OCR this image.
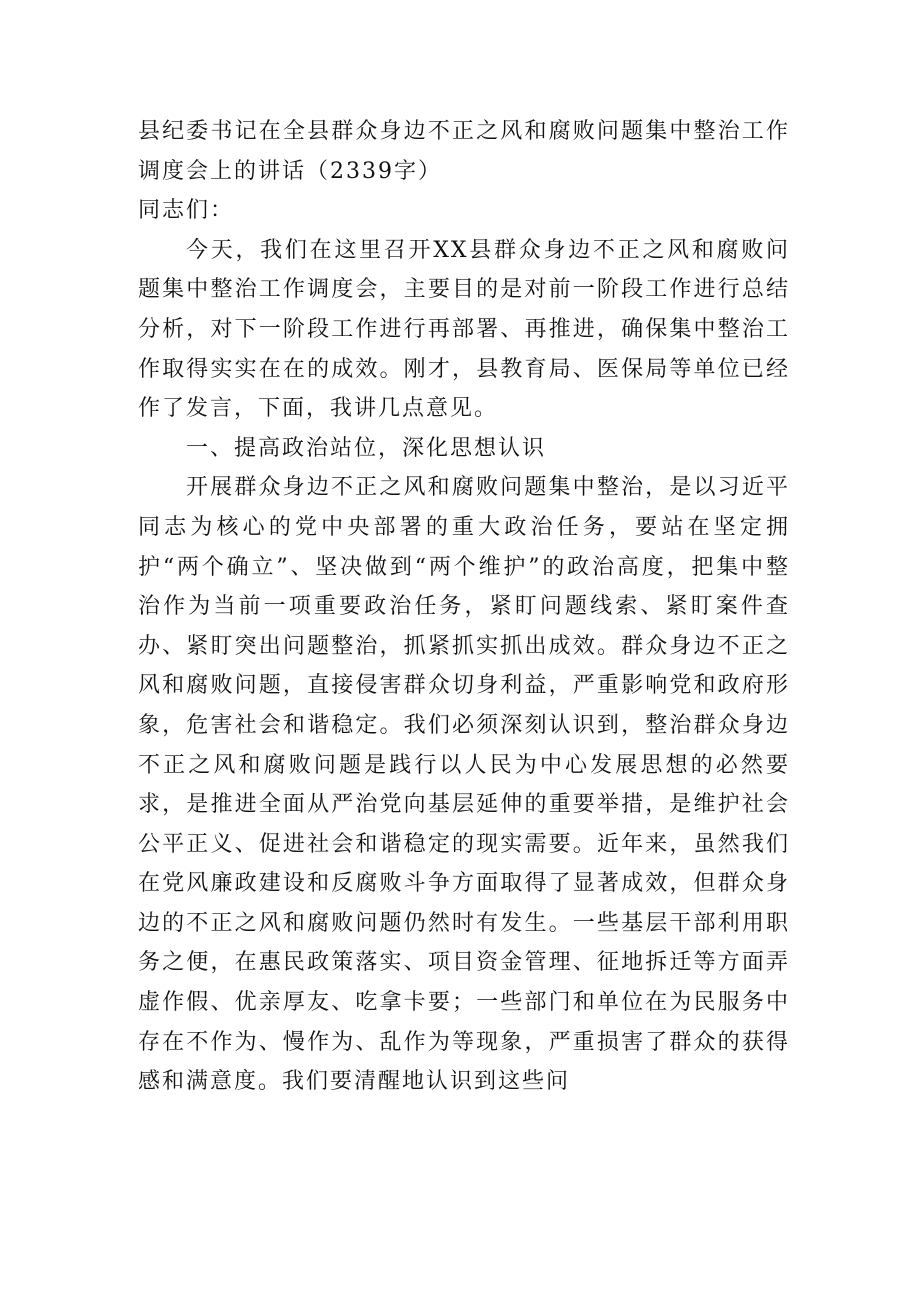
县纪委书记在全县群众身边不正之风和腐败问题集中整治工作调度会上的讲话（2339字）

同志们：

今天，我们在这里召开XX县群众身边不正之风和腐败问题集中整治工作调度会，主要目的是对前一阶段工作进行总结分析，对下一阶段工作进行再部署、再推进，确保集中整治工作取得实实在在的成效。刚才，县教育局、医保局等单位已经作了发言，下面，我讲几点意见。

一、提高政治站位，深化思想认识

开展群众身边不正之风和腐败问题集中整治，是以习近平同志为核心的党中央部署的重大政治任务，要站在坚定拥护“两个确立”、坚决做到“两个维护”的政治高度，把集中整治作为当前一项重要政治任务，紧盯问题线索、紧盯案件查办、紧盯突出问题整治，抓紧抓实抓出成效。群众身边不正之风和腐败问题，直接侵害群众切身利益，严重影响党和政府形象，危害社会和谐稳定。我们必须深刻认识到，整治群众身边不正之风和腐败问题是践行以人民为中心发展思想的必然要求，是推进全面从严治党向基层延伸的重要举措，是维护社会公平正义、促进社会和谐稳定的现实需要。近年来，虽然我们在党风廉政建设和反腐败斗争方面取得了显著成效，但群众身边的不正之风和腐败问题仍然时有发生。一些基层干部利用职务之便，在惠民政策落实、项目资金管理、征地拆迁等方面弄虚作假、优亲厚友、吃拿卡要；一些部门和单位在为民服务中存在不作为、慢作为、乱作为等现象，严重损害了群众的获得感和满意度。我们要清醒地认识到这些问
